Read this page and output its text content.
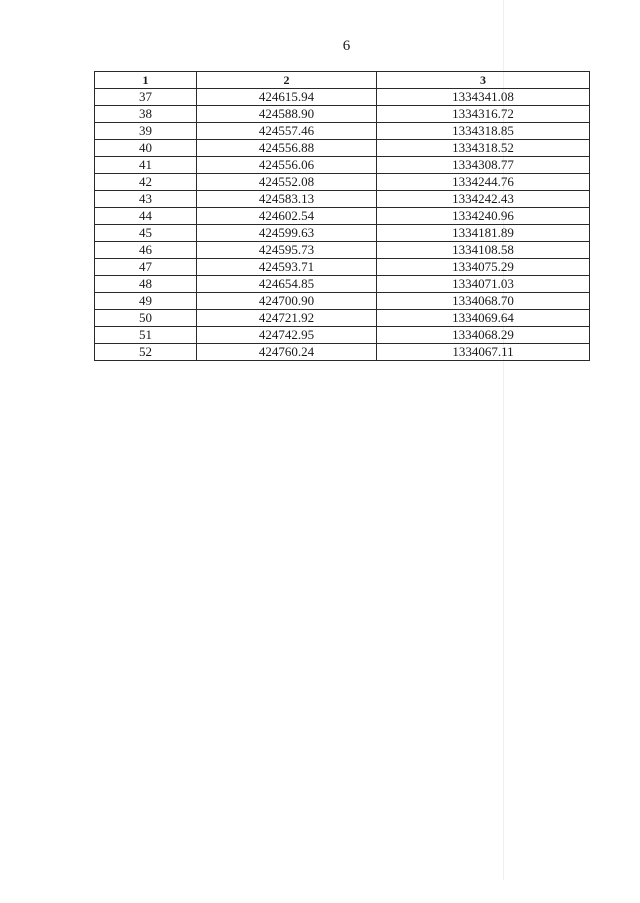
6
1	2	3
37	424615.94	1334341.08
38	424588.90	1334316.72
39	424557.46	1334318.85
40	424556.88	1334318.52
41	424556.06	1334308.77
42	424552.08	1334244.76
43	424583.13	1334242.43
44	424602.54	1334240.96
45	424599.63	1334181.89
46	424595.73	1334108.58
47	424593.71	1334075.29
48	424654.85	1334071.03
49	424700.90	1334068.70
50	424721.92	1334069.64
51	424742.95	1334068.29
52	424760.24	1334067.11
